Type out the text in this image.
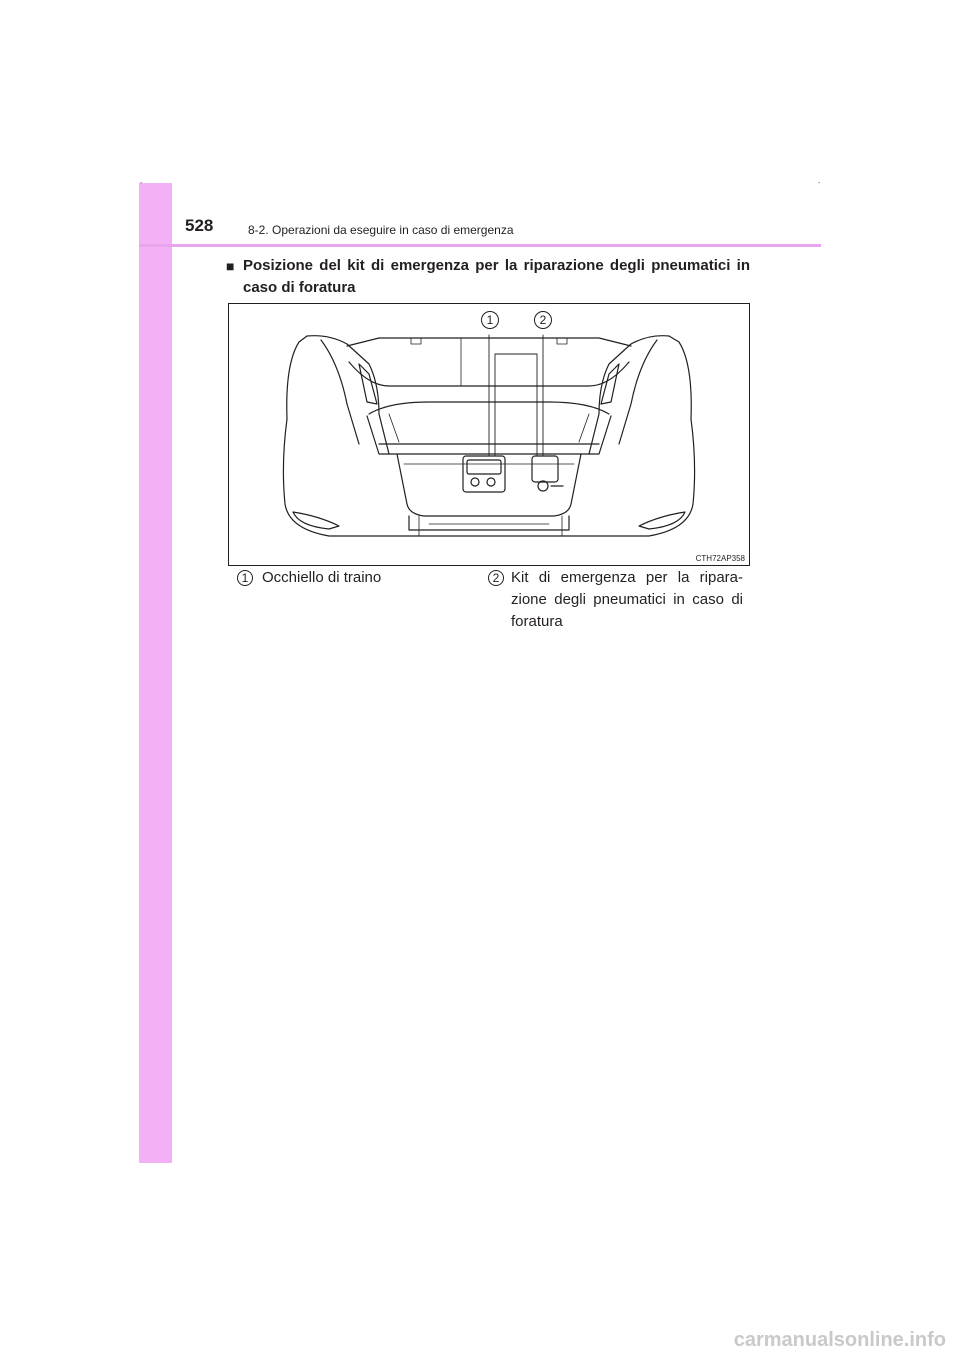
-	-
528	8-2. Operazioni da eseguire in caso di emergenza
■ Posizione del kit di emergenza per la riparazione degli pneumatici in caso di foratura
1	2
CTH72AP358
1 Occhiello di traino	2 Kit di emergenza per la ripara-zione degli pneumatici in caso di foratura
carmanualsonline.info
